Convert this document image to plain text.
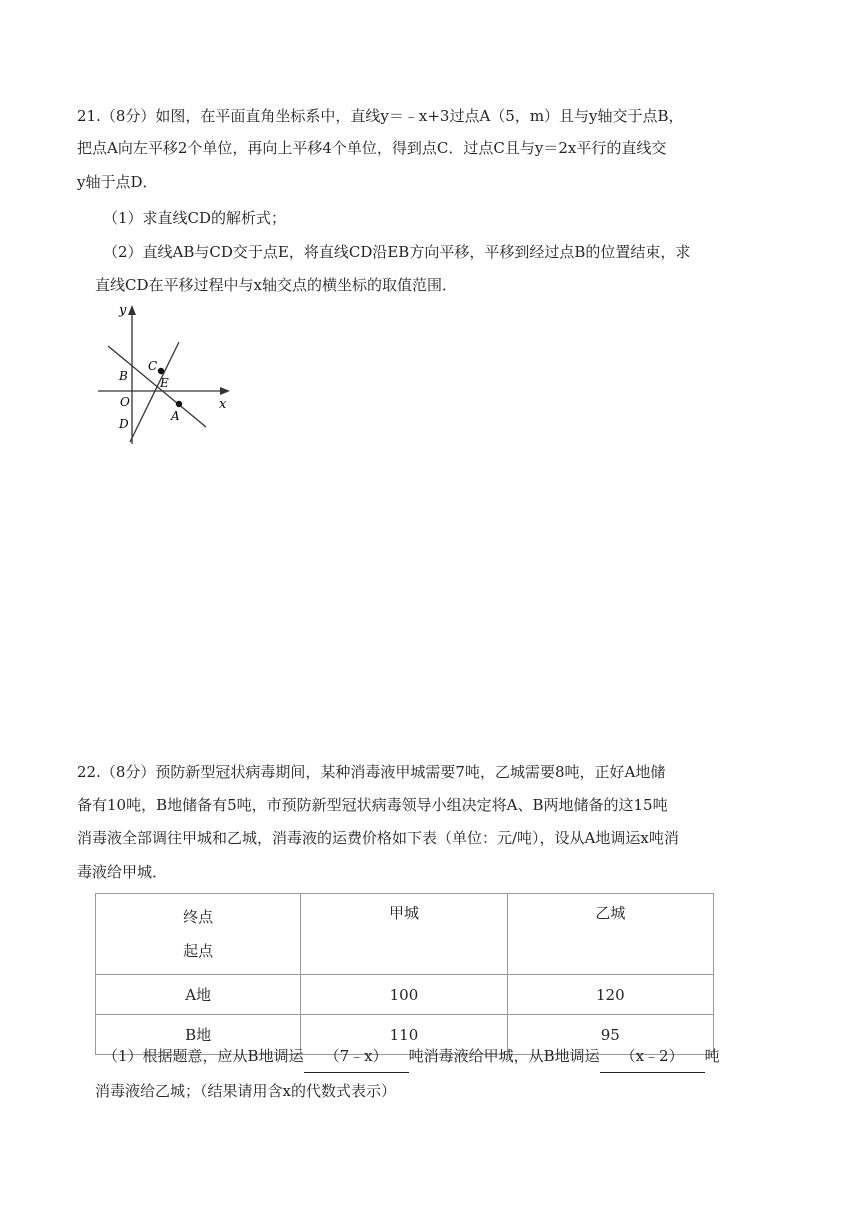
21.（8分）如图，在平面直角坐标系中，直线y＝﹣x+3过点A（5，m）且与y轴交于点B，

把点A向左平移2个单位，再向上平移4个单位，得到点C．过点C且与y＝2x平行的直线交

y轴于点D．

（1）求直线CD的解析式；

（2）直线AB与CD交于点E，将直线CD沿EB方向平移，平移到经过点B的位置结束，求

直线CD在平移过程中与x轴交点的横坐标的取值范围．

y
x
B
C
E
O
A
D

22.（8分）预防新型冠状病毒期间，某种消毒液甲城需要7吨，乙城需要8吨，正好A地储

备有10吨，B地储备有5吨，市预防新型冠状病毒领导小组决定将A、B两地储备的这15吨

消毒液全部调往甲城和乙城，消毒液的运费价格如下表（单位：元/吨），设从A地调运x吨消

毒液给甲城．

终点
起点	甲城	乙城
A地	100	120
B地	110	95

（1）根据题意，应从B地调运 （7﹣x） 吨消毒液给甲城，从B地调运 （x﹣2） 吨

消毒液给乙城；（结果请用含x的代数式表示）
